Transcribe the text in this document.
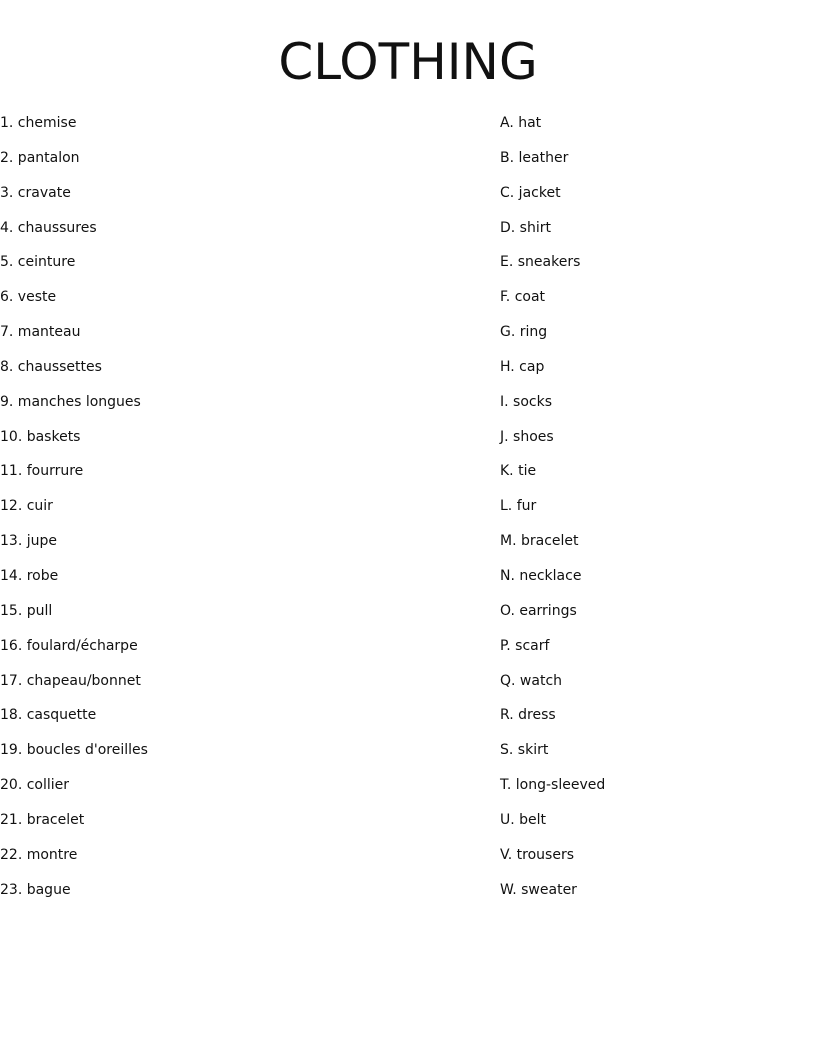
CLOTHING
1. chemise
2. pantalon
3. cravate
4. chaussures
5. ceinture
6. veste
7. manteau
8. chaussettes
9. manches longues
10. baskets
11. fourrure
12. cuir
13. jupe
14. robe
15. pull
16. foulard/écharpe
17. chapeau/bonnet
18. casquette
19. boucles d'oreilles
20. collier
21. bracelet
22. montre
23. bague
A. hat
B. leather
C. jacket
D. shirt
E. sneakers
F. coat
G. ring
H. cap
I. socks
J. shoes
K. tie
L. fur
M. bracelet
N. necklace
O. earrings
P. scarf
Q. watch
R. dress
S. skirt
T. long-sleeved
U. belt
V. trousers
W. sweater
